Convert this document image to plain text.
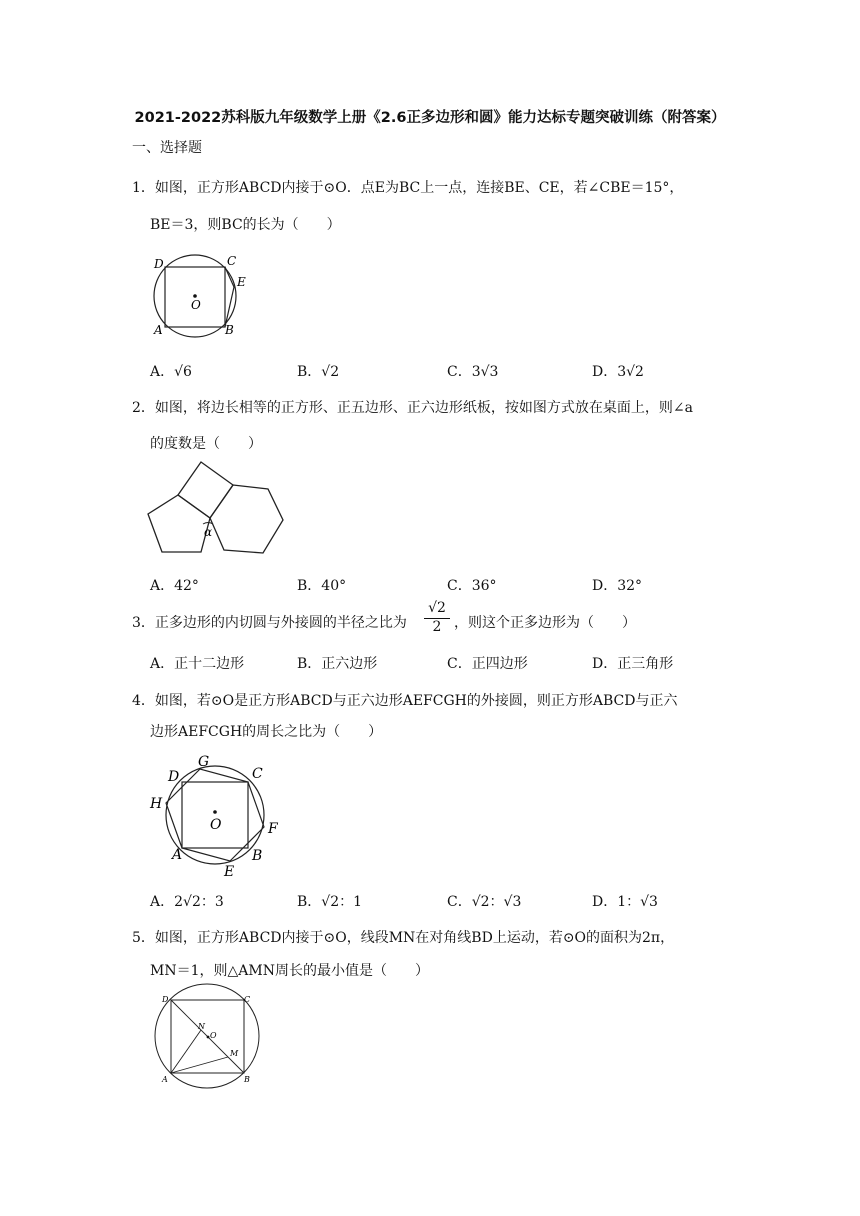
2021-2022苏科版九年级数学上册《2.6正多边形和圆》能力达标专题突破训练（附答案）
一、选择题
1．如图，正方形ABCD内接于⊙O．点E为BC上一点，连接BE、CE，若∠CBE＝15°，
BE＝3，则BC的长为（　　）
D	C
E
O
A	B
A．√6	B．√2	C．3√3	D．3√2
2．如图，将边长相等的正方形、正五边形、正六边形纸板，按如图方式放在桌面上，则∠a
的度数是（　　）
α
A．42°	B．40°	C．36°	D．32°
3．正多边形的内切圆与外接圆的半径之比为
√2
2 ，则这个正多边形为（　　）
A．正十二边形	B．正六边形	C．正四边形	D．正三角形
4．如图，若⊙O是正方形ABCD与正六边形AEFCGH的外接圆，则正方形ABCD与正六
边形AEFCGH的周长之比为（　　）
G
D	C
H
O	F
A	B
E
A．2√2：3	B．√2：1	C．√2：√3	D．1：√3
5．如图，正方形ABCD内接于⊙O，线段MN在对角线BD上运动，若⊙O的面积为2π，
MN＝1，则△AMN周长的最小值是（　　）
D	C
N
O
M
A	B
